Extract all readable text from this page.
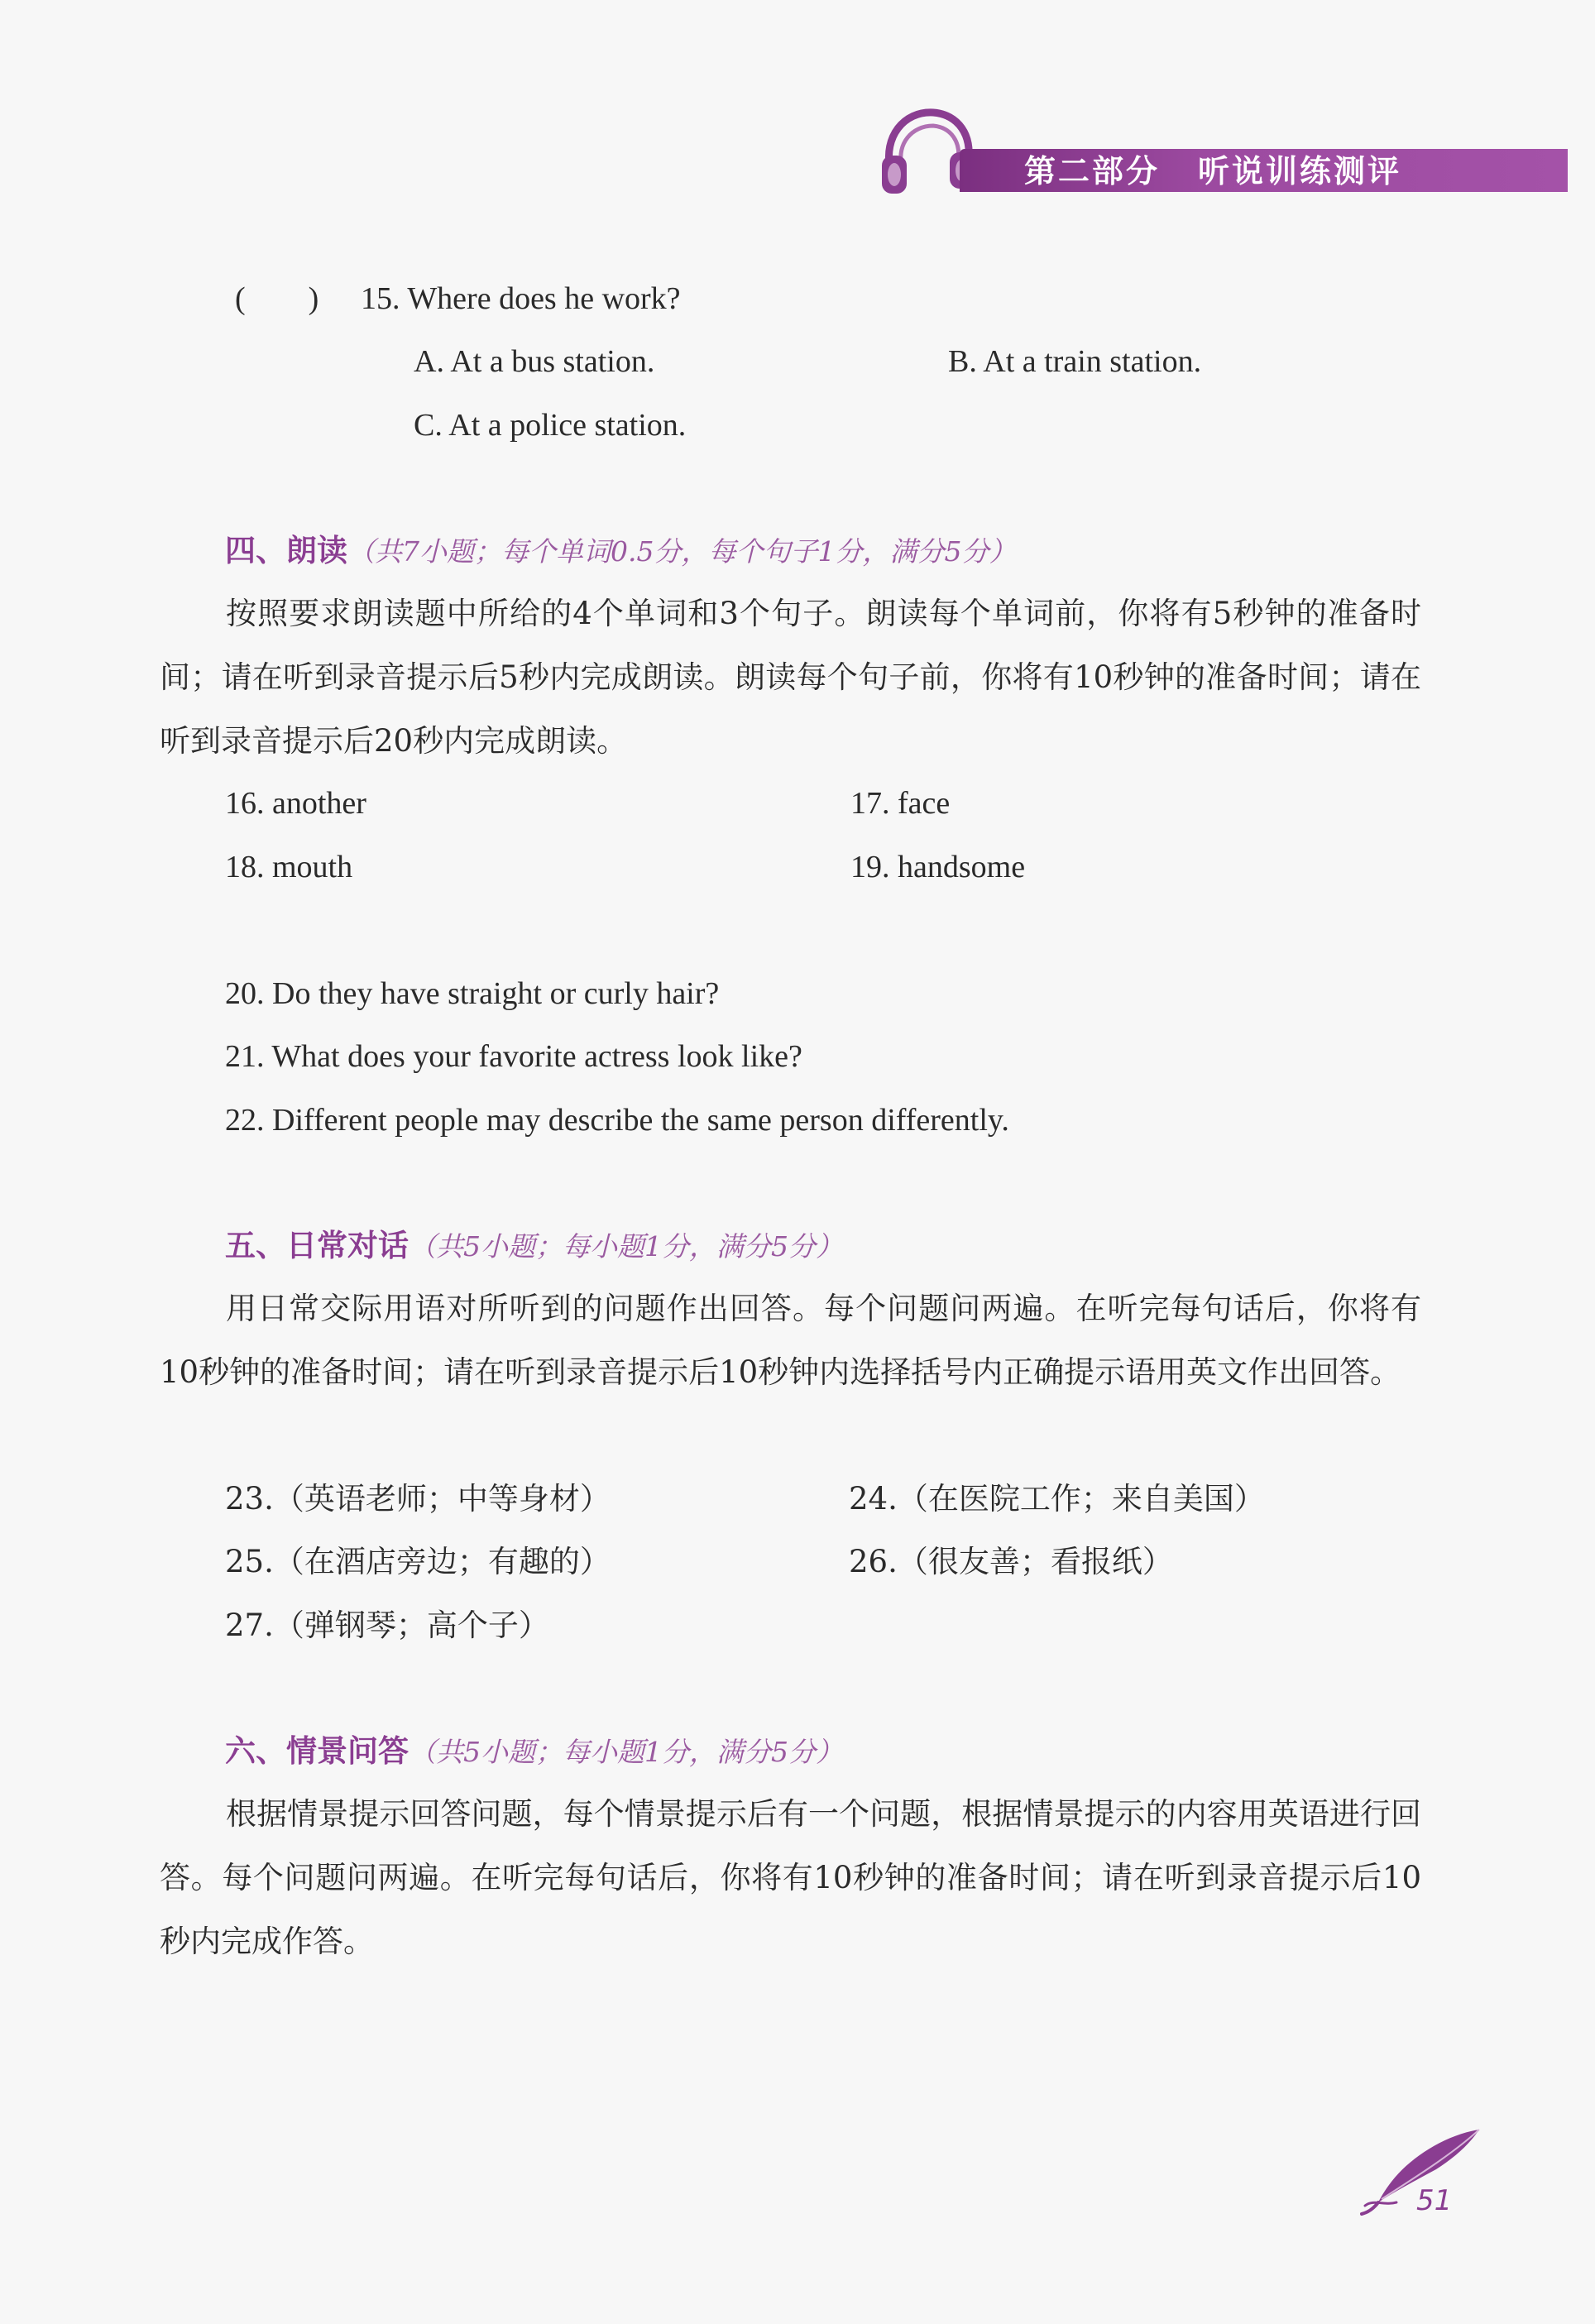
第二部分 听说训练测评
(　　) 15. Where does he work?
A. At a bus station.	B. At a train station.
C. At a police station.
四、朗读（共7小题；每个单词0.5分，每个句子1分，满分5分）
按照要求朗读题中所给的4个单词和3个句子。朗读每个单词前，你将有5秒钟的准备时间；请在听到录音提示后5秒内完成朗读。朗读每个句子前，你将有10秒钟的准备时间；请在听到录音提示后20秒内完成朗读。
16. another	17. face
18. mouth	19. handsome
20. Do they have straight or curly hair?
21. What does your favorite actress look like?
22. Different people may describe the same person differently.
五、日常对话（共5小题；每小题1分，满分5分）
用日常交际用语对所听到的问题作出回答。每个问题问两遍。在听完每句话后，你将有10秒钟的准备时间；请在听到录音提示后10秒钟内选择括号内正确提示语用英文作出回答。
23.（英语老师；中等身材）	24.（在医院工作；来自美国）
25.（在酒店旁边；有趣的）	26.（很友善；看报纸）
27.（弹钢琴；高个子）
六、情景问答（共5小题；每小题1分，满分5分）
根据情景提示回答问题，每个情景提示后有一个问题，根据情景提示的内容用英语进行回答。每个问题问两遍。在听完每句话后，你将有10秒钟的准备时间；请在听到录音提示后10秒内完成作答。
51
